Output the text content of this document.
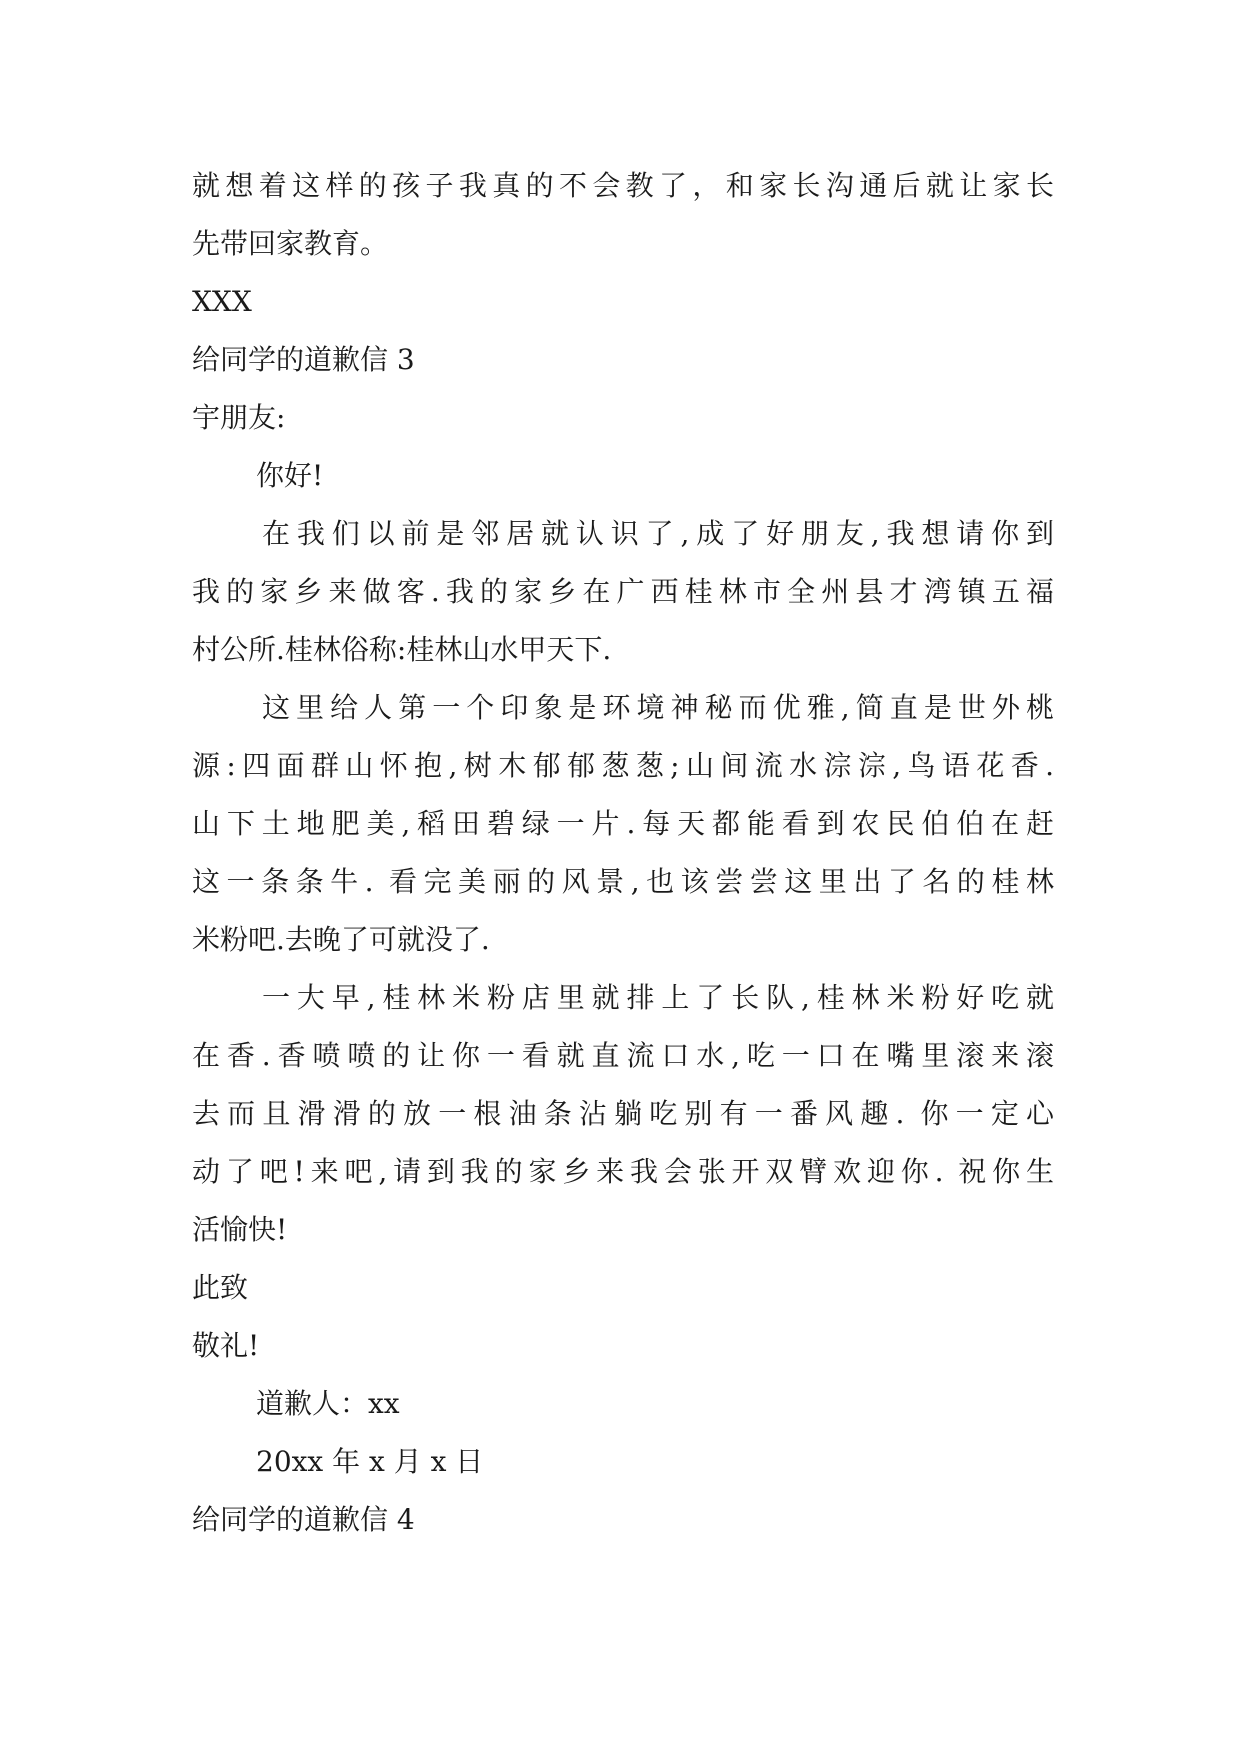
就想着这样的孩子我真的不会教了，和家长沟通后就让家长
先带回家教育。
XXX
给同学的道歉信 3
宇朋友:
你好!
在我们以前是邻居就认识了,成了好朋友,我想请你到
我的家乡来做客.我的家乡在广西桂林市全州县才湾镇五福
村公所.桂林俗称:桂林山水甲天下.
这里给人第一个印象是环境神秘而优雅,简直是世外桃
源:四面群山怀抱,树木郁郁葱葱;山间流水淙淙,鸟语花香.
山下土地肥美,稻田碧绿一片.每天都能看到农民伯伯在赶
这一条条牛. 看完美丽的风景,也该尝尝这里出了名的桂林
米粉吧.去晚了可就没了.
一大早,桂林米粉店里就排上了长队,桂林米粉好吃就
在香.香喷喷的让你一看就直流口水,吃一口在嘴里滚来滚
去而且滑滑的放一根油条沾躺吃别有一番风趣. 你一定心
动了吧!来吧,请到我的家乡来我会张开双臂欢迎你. 祝你生
活愉快!
此致
敬礼!
道歉人：xx
20xx 年 x 月 x 日
给同学的道歉信 4
